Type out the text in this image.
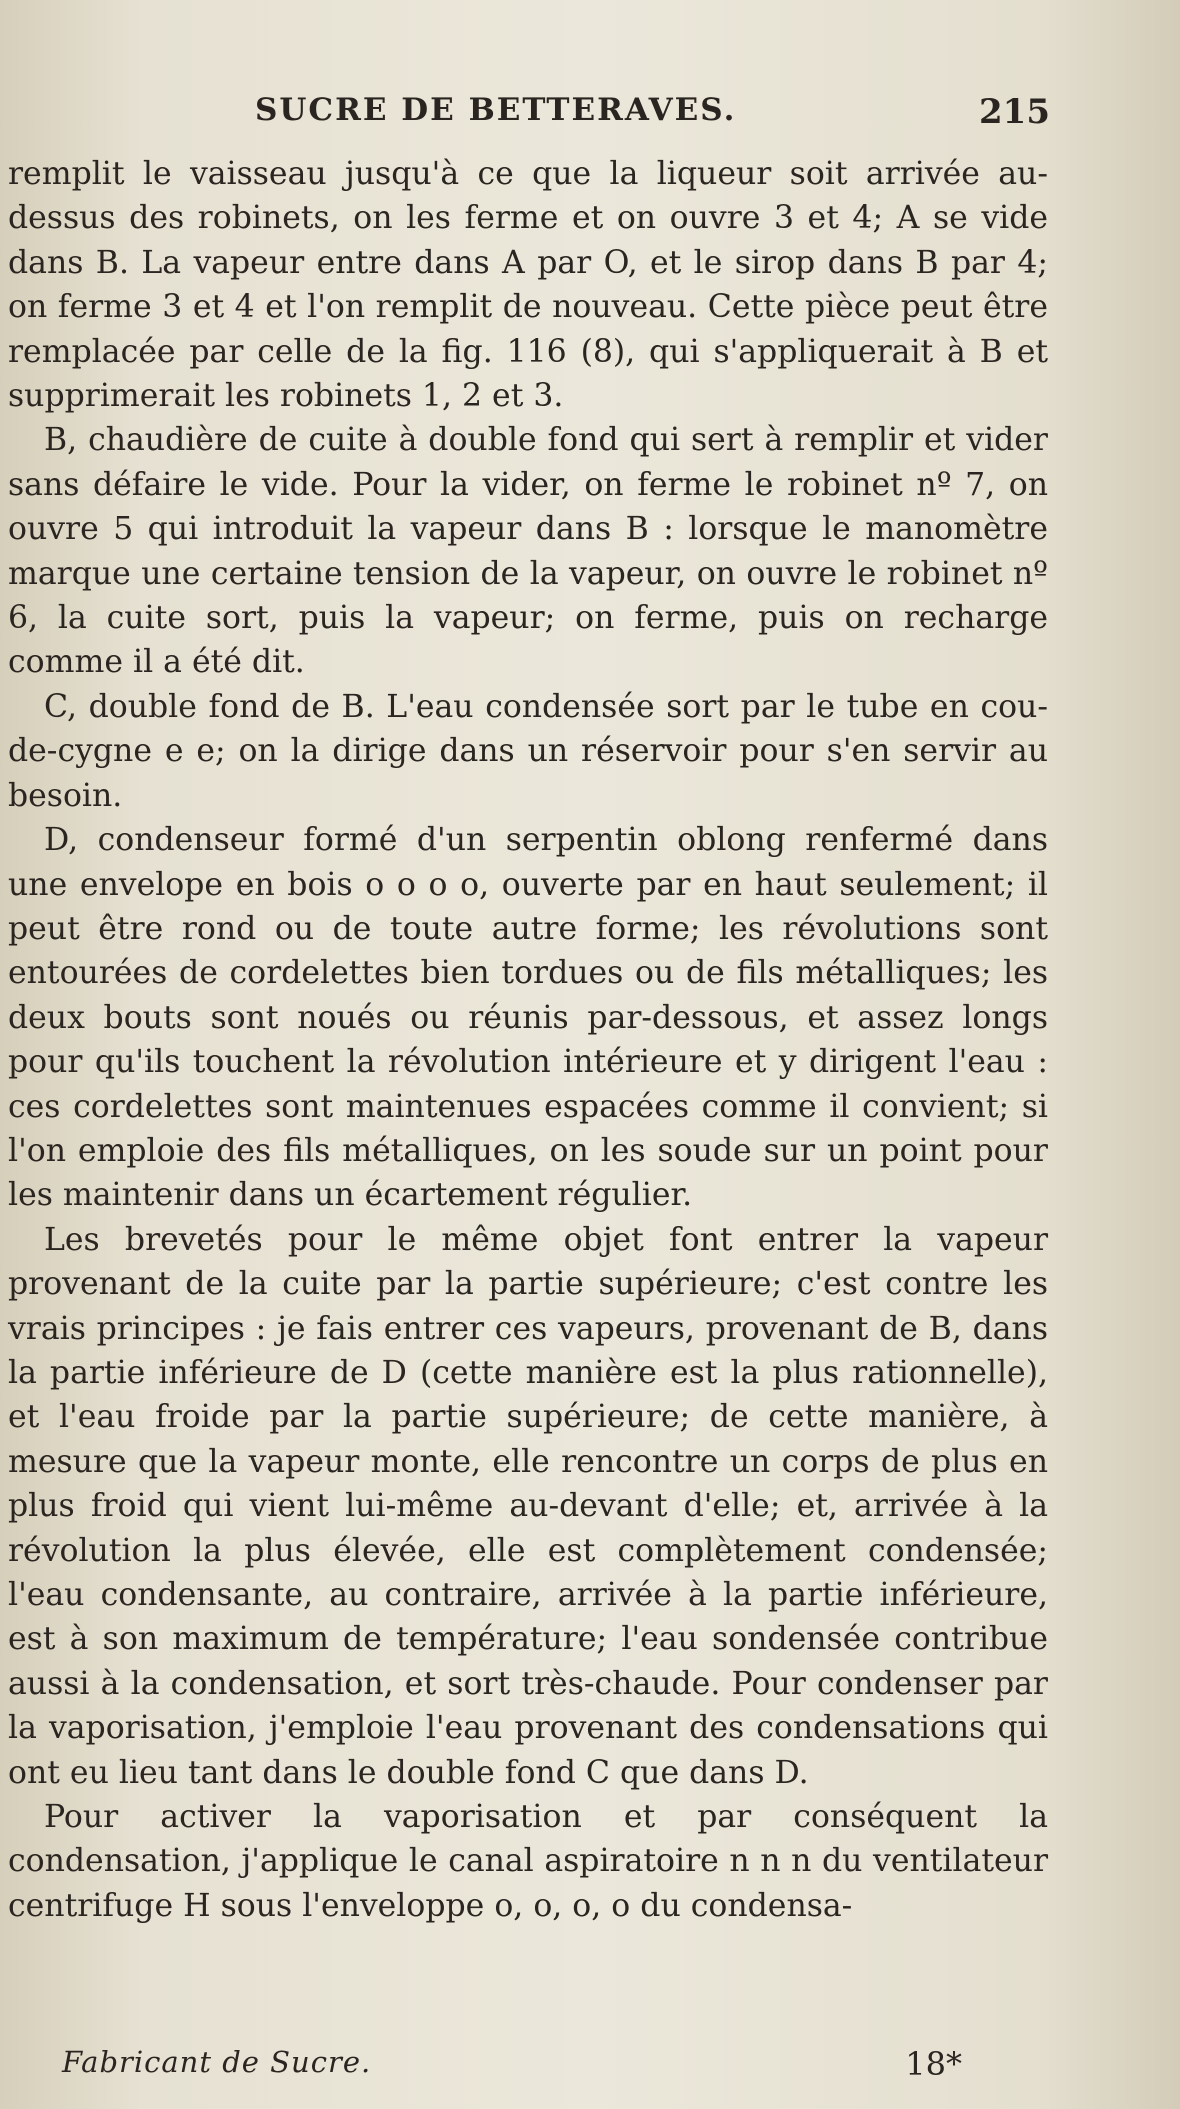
SUCRE DE BETTERAVES.	215

remplit le vaisseau jusqu'à ce que la liqueur soit arrivée au-dessus des robinets, on les ferme et on ouvre 3 et 4; A se vide dans B. La vapeur entre dans A par O, et le sirop dans B par 4; on ferme 3 et 4 et l'on remplit de nouveau. Cette pièce peut être remplacée par celle de la fig. 116 (8), qui s'appliquerait à B et supprimerait les robinets 1, 2 et 3.

B, chaudière de cuite à double fond qui sert à remplir et vider sans défaire le vide. Pour la vider, on ferme le robinet nº 7, on ouvre 5 qui introduit la vapeur dans B : lorsque le manomètre marque une certaine tension de la vapeur, on ouvre le robinet nº 6, la cuite sort, puis la vapeur; on ferme, puis on recharge comme il a été dit.

C, double fond de B. L'eau condensée sort par le tube en cou-de-cygne e e; on la dirige dans un réservoir pour s'en servir au besoin.

D, condenseur formé d'un serpentin oblong renfermé dans une envelope en bois o o o o, ouverte par en haut seulement; il peut être rond ou de toute autre forme; les révolutions sont entourées de cordelettes bien tordues ou de fils métalliques; les deux bouts sont noués ou réunis par-dessous, et assez longs pour qu'ils touchent la révolution intérieure et y dirigent l'eau : ces cordelettes sont maintenues espacées comme il convient; si l'on emploie des fils métalliques, on les soude sur un point pour les maintenir dans un écartement régulier.

Les brevetés pour le même objet font entrer la vapeur provenant de la cuite par la partie supérieure; c'est contre les vrais principes : je fais entrer ces vapeurs, provenant de B, dans la partie inférieure de D (cette manière est la plus rationnelle), et l'eau froide par la partie supérieure; de cette manière, à mesure que la vapeur monte, elle rencontre un corps de plus en plus froid qui vient lui-même au-devant d'elle; et, arrivée à la révolution la plus élevée, elle est complètement condensée; l'eau condensante, au contraire, arrivée à la partie inférieure, est à son maximum de température; l'eau sondensée contribue aussi à la condensation, et sort très-chaude. Pour condenser par la vaporisation, j'emploie l'eau provenant des condensations qui ont eu lieu tant dans le double fond C que dans D.

Pour activer la vaporisation et par conséquent la condensation, j'applique le canal aspiratoire n n n du ventilateur centrifuge H sous l'enveloppe o, o, o, o du condensa-

Fabricant de Sucre.	18*
